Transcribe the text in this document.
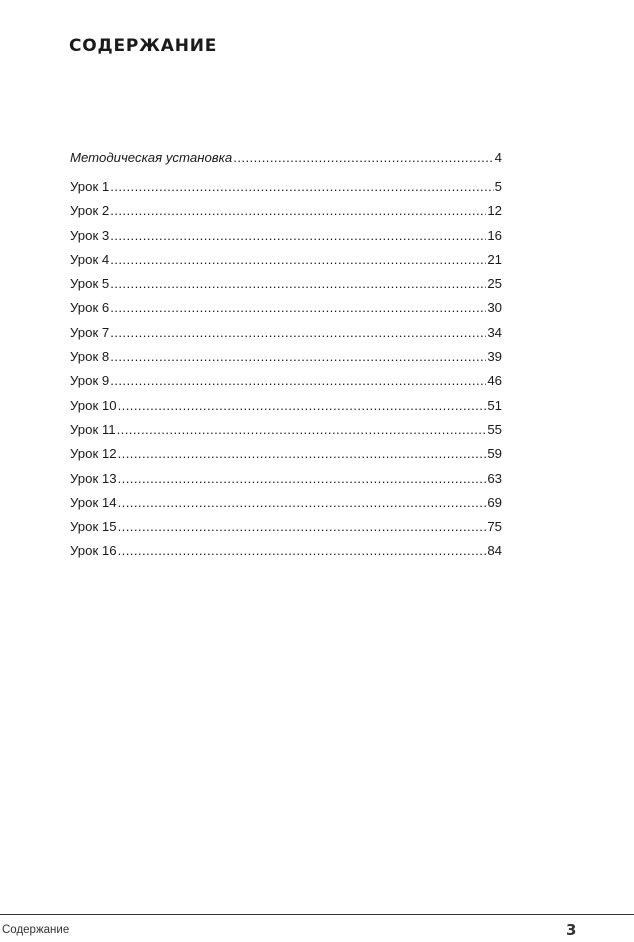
СОДЕРЖАНИЕ
Методическая установка .....	4
Урок 1 .....	5
Урок 2 .....	12
Урок 3 .....	16
Урок 4 .....	21
Урок 5 .....	25
Урок 6 .....	30
Урок 7 .....	34
Урок 8 .....	39
Урок 9 .....	46
Урок 10 .....	51
Урок 11 .....	55
Урок 12 .....	59
Урок 13 .....	63
Урок 14 .....	69
Урок 15 .....	75
Урок 16 .....	84
Содержание	3
